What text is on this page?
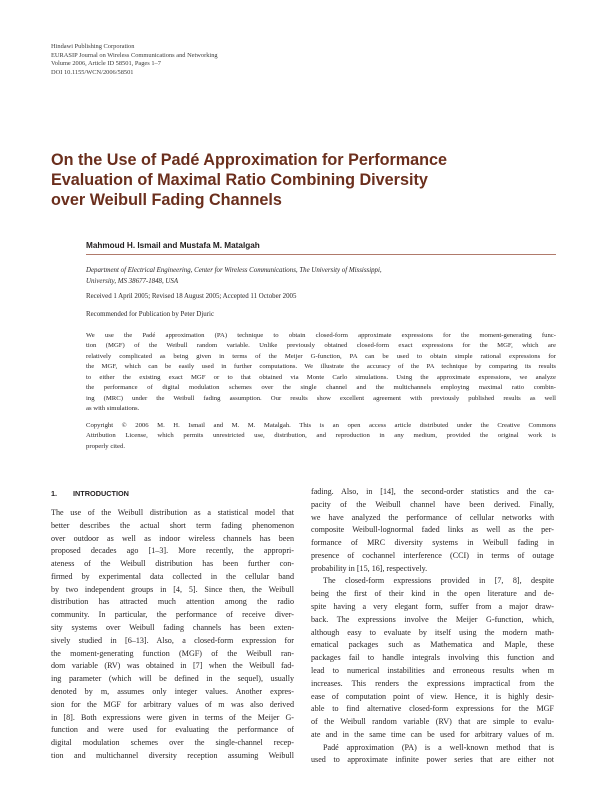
Hindawi Publishing Corporation
EURASIP Journal on Wireless Communications and Networking
Volume 2006, Article ID 58501, Pages 1–7
DOI 10.1155/WCN/2006/58501
On the Use of Padé Approximation for Performance
Evaluation of Maximal Ratio Combining Diversity
over Weibull Fading Channels
Mahmoud H. Ismail and Mustafa M. Matalgah
Department of Electrical Engineering, Center for Wireless Communications, The University of Mississippi,
University, MS 38677-1848, USA
Received 1 April 2005; Revised 18 August 2005; Accepted 11 October 2005
Recommended for Publication by Peter Djuric
We use the Padé approximation (PA) technique to obtain closed-form approximate expressions for the moment-generating func-
tion (MGF) of the Weibull random variable. Unlike previously obtained closed-form exact expressions for the MGF, which are
relatively complicated as being given in terms of the Meijer G-function, PA can be used to obtain simple rational expressions for
the MGF, which can be easily used in further computations. We illustrate the accuracy of the PA technique by comparing its results
to either the existing exact MGF or to that obtained via Monte Carlo simulations. Using the approximate expressions, we analyze
the performance of digital modulation schemes over the single channel and the multichannels employing maximal ratio combin-
ing (MRC) under the Weibull fading assumption. Our results show excellent agreement with previously published results as well
as with simulations.
Copyright © 2006 M. H. Ismail and M. M. Matalgah. This is an open access article distributed under the Creative Commons
Attribution License, which permits unrestricted use, distribution, and reproduction in any medium, provided the original work is
properly cited.
1. INTRODUCTION
The use of the Weibull distribution as a statistical model that
better describes the actual short term fading phenomenon
over outdoor as well as indoor wireless channels has been
proposed decades ago [1–3]. More recently, the appropri-
ateness of the Weibull distribution has been further con-
firmed by experimental data collected in the cellular band
by two independent groups in [4, 5]. Since then, the Weibull
distribution has attracted much attention among the radio
community. In particular, the performance of receive diver-
sity systems over Weibull fading channels has been exten-
sively studied in [6–13]. Also, a closed-form expression for
the moment-generating function (MGF) of the Weibull ran-
dom variable (RV) was obtained in [7] when the Weibull fad-
ing parameter (which will be defined in the sequel), usually
denoted by m, assumes only integer values. Another expres-
sion for the MGF for arbitrary values of m was also derived
in [8]. Both expressions were given in terms of the Meijer G-
function and were used for evaluating the performance of
digital modulation schemes over the single-channel recep-
tion and multichannel diversity reception assuming Weibull
fading. Also, in [14], the second-order statistics and the ca-
pacity of the Weibull channel have been derived. Finally,
we have analyzed the performance of cellular networks with
composite Weibull-lognormal faded links as well as the per-
formance of MRC diversity systems in Weibull fading in
presence of cochannel interference (CCI) in terms of outage
probability in [15, 16], respectively.
The closed-form expressions provided in [7, 8], despite
being the first of their kind in the open literature and de-
spite having a very elegant form, suffer from a major draw-
back. The expressions involve the Meijer G-function, which,
although easy to evaluate by itself using the modern math-
ematical packages such as Mathematica and Maple, these
packages fail to handle integrals involving this function and
lead to numerical instabilities and erroneous results when m
increases. This renders the expressions impractical from the
ease of computation point of view. Hence, it is highly desir-
able to find alternative closed-form expressions for the MGF
of the Weibull random variable (RV) that are simple to evalu-
ate and in the same time can be used for arbitrary values of m.
Padé approximation (PA) is a well-known method that is
used to approximate infinite power series that are either not
